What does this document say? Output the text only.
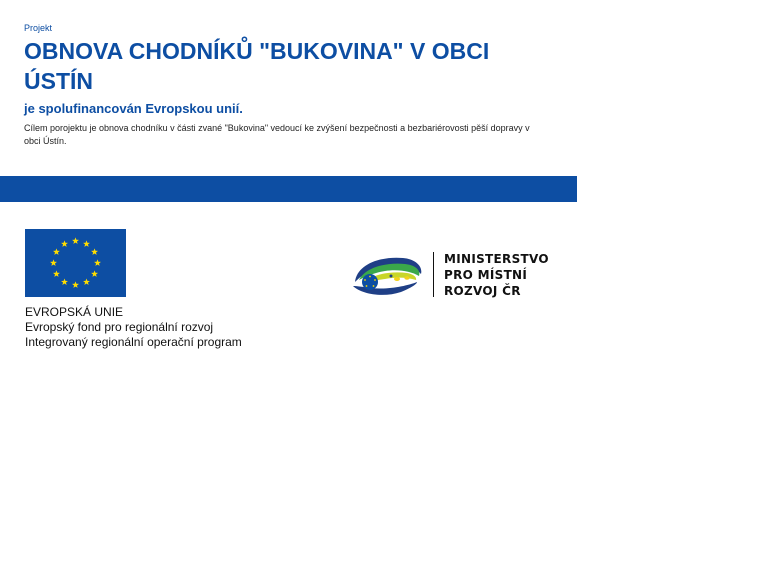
Projekt
OBNOVA CHODNÍKŮ "BUKOVINA" V OBCI ÚSTÍN
je spolufinancován Evropskou unií.
Cílem porojektu je obnova chodníku v části zvané "Bukovina" vedoucí ke zvýšení bezpečnosti a bezbariérovosti pěší dopravy v obci Ústín.
EVROPSKÁ UNIE
Evropský fond pro regionální rozvoj
Integrovaný regionální operační program
MINISTERSTVO
PRO MÍSTNÍ
ROZVOJ ČR
